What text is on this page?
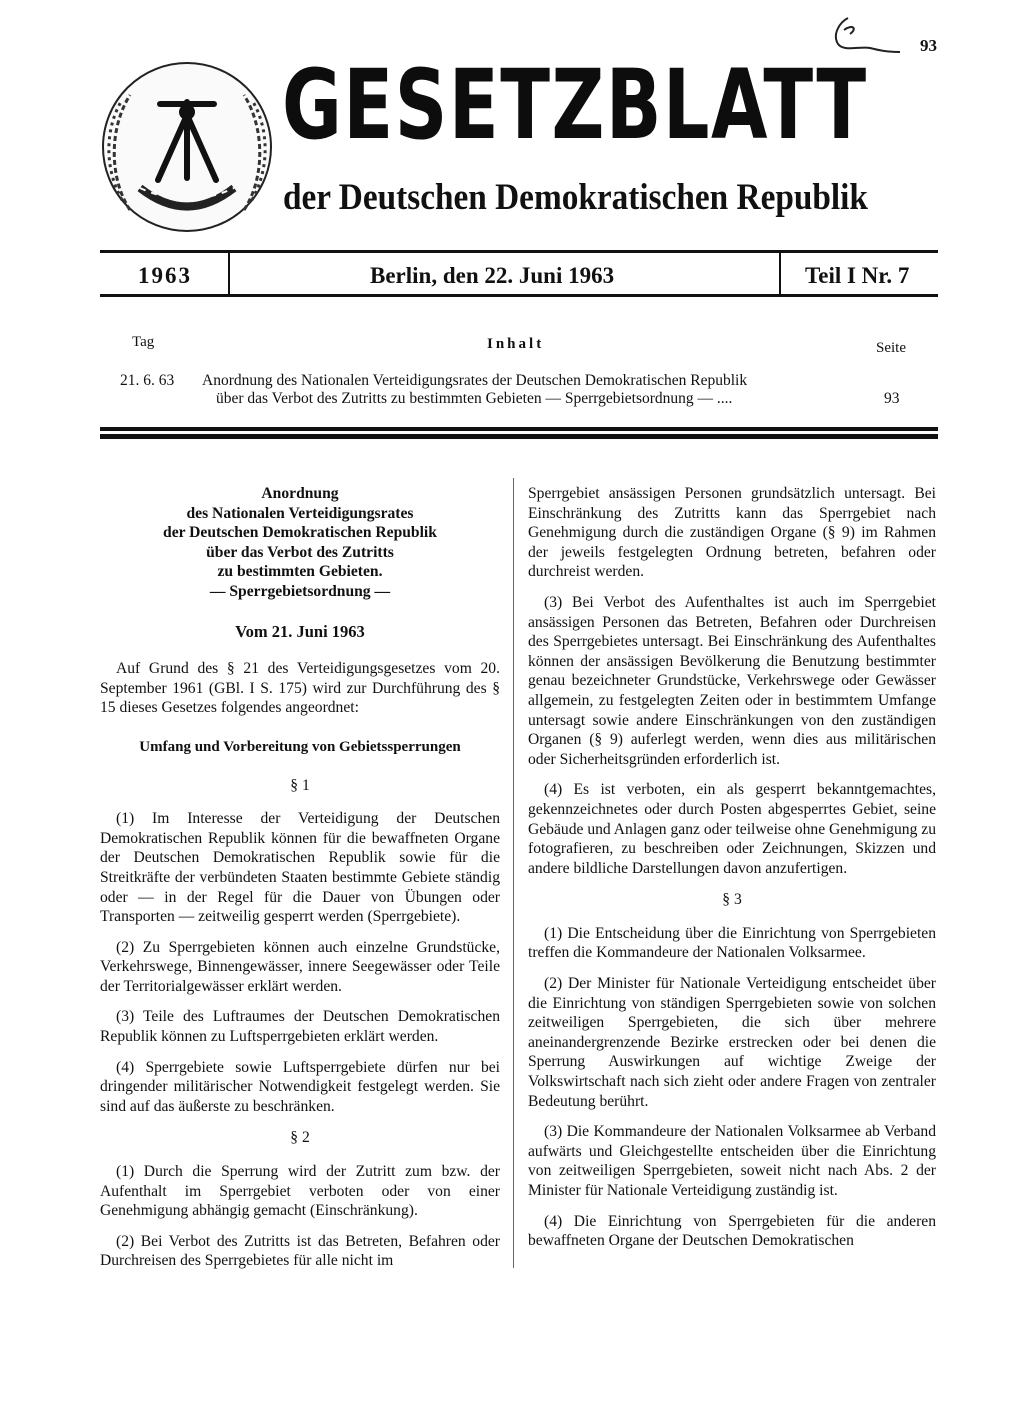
GESETZBLATT
der Deutschen Demokratischen Republik
93
1963	Berlin, den 22. Juni 1963	Teil I Nr. 7
Tag	Inhalt	Seite
21. 6. 63 Anordnung des Nationalen Verteidigungsrates der Deutschen Demokratischen Republik
über das Verbot des Zutritts zu bestimmten Gebieten — Sperrgebietsordnung — ....	93
Anordnung
des Nationalen Verteidigungsrates
der Deutschen Demokratischen Republik
über das Verbot des Zutritts
zu bestimmten Gebieten.
— Sperrgebietsordnung —

Vom 21. Juni 1963

Auf Grund des § 21 des Verteidigungsgesetzes vom 20. September 1961 (GBl. I S. 175) wird zur Durchführung des § 15 dieses Gesetzes folgendes angeordnet:

Umfang und Vorbereitung von Gebietssperrungen

§ 1

(1) Im Interesse der Verteidigung der Deutschen Demokratischen Republik können für die bewaffneten Organe der Deutschen Demokratischen Republik sowie für die Streitkräfte der verbündeten Staaten bestimmte Gebiete ständig oder — in der Regel für die Dauer von Übungen oder Transporten — zeitweilig gesperrt werden (Sperrgebiete).

(2) Zu Sperrgebieten können auch einzelne Grundstücke, Verkehrswege, Binnengewässer, innere Seegewässer oder Teile der Territorialgewässer erklärt werden.

(3) Teile des Luftraumes der Deutschen Demokratischen Republik können zu Luftsperrgebieten erklärt werden.

(4) Sperrgebiete sowie Luftsperrgebiete dürfen nur bei dringender militärischer Notwendigkeit festgelegt werden. Sie sind auf das äußerste zu beschränken.

§ 2

(1) Durch die Sperrung wird der Zutritt zum bzw. der Aufenthalt im Sperrgebiet verboten oder von einer Genehmigung abhängig gemacht (Einschränkung).

(2) Bei Verbot des Zutritts ist das Betreten, Befahren oder Durchreisen des Sperrgebietes für alle nicht im

Sperrgebiet ansässigen Personen grundsätzlich untersagt. Bei Einschränkung des Zutritts kann das Sperrgebiet nach Genehmigung durch die zuständigen Organe (§ 9) im Rahmen der jeweils festgelegten Ordnung betreten, befahren oder durchreist werden.

(3) Bei Verbot des Aufenthaltes ist auch im Sperrgebiet ansässigen Personen das Betreten, Befahren oder Durchreisen des Sperrgebietes untersagt. Bei Einschränkung des Aufenthaltes können der ansässigen Bevölkerung die Benutzung bestimmter genau bezeichneter Grundstücke, Verkehrswege oder Gewässer allgemein, zu festgelegten Zeiten oder in bestimmtem Umfange untersagt sowie andere Einschränkungen von den zuständigen Organen (§ 9) auferlegt werden, wenn dies aus militärischen oder Sicherheitsgründen erforderlich ist.

(4) Es ist verboten, ein als gesperrt bekanntgemachtes, gekennzeichnetes oder durch Posten abgesperrtes Gebiet, seine Gebäude und Anlagen ganz oder teilweise ohne Genehmigung zu fotografieren, zu beschreiben oder Zeichnungen, Skizzen und andere bildliche Darstellungen davon anzufertigen.

§ 3

(1) Die Entscheidung über die Einrichtung von Sperrgebieten treffen die Kommandeure der Nationalen Volksarmee.

(2) Der Minister für Nationale Verteidigung entscheidet über die Einrichtung von ständigen Sperrgebieten sowie von solchen zeitweiligen Sperrgebieten, die sich über mehrere aneinandergrenzende Bezirke erstrecken oder bei denen die Sperrung Auswirkungen auf wichtige Zweige der Volkswirtschaft nach sich zieht oder andere Fragen von zentraler Bedeutung berührt.

(3) Die Kommandeure der Nationalen Volksarmee ab Verband aufwärts und Gleichgestellte entscheiden über die Einrichtung von zeitweiligen Sperrgebieten, soweit nicht nach Abs. 2 der Minister für Nationale Verteidigung zuständig ist.

(4) Die Einrichtung von Sperrgebieten für die anderen bewaffneten Organe der Deutschen Demokratischen
